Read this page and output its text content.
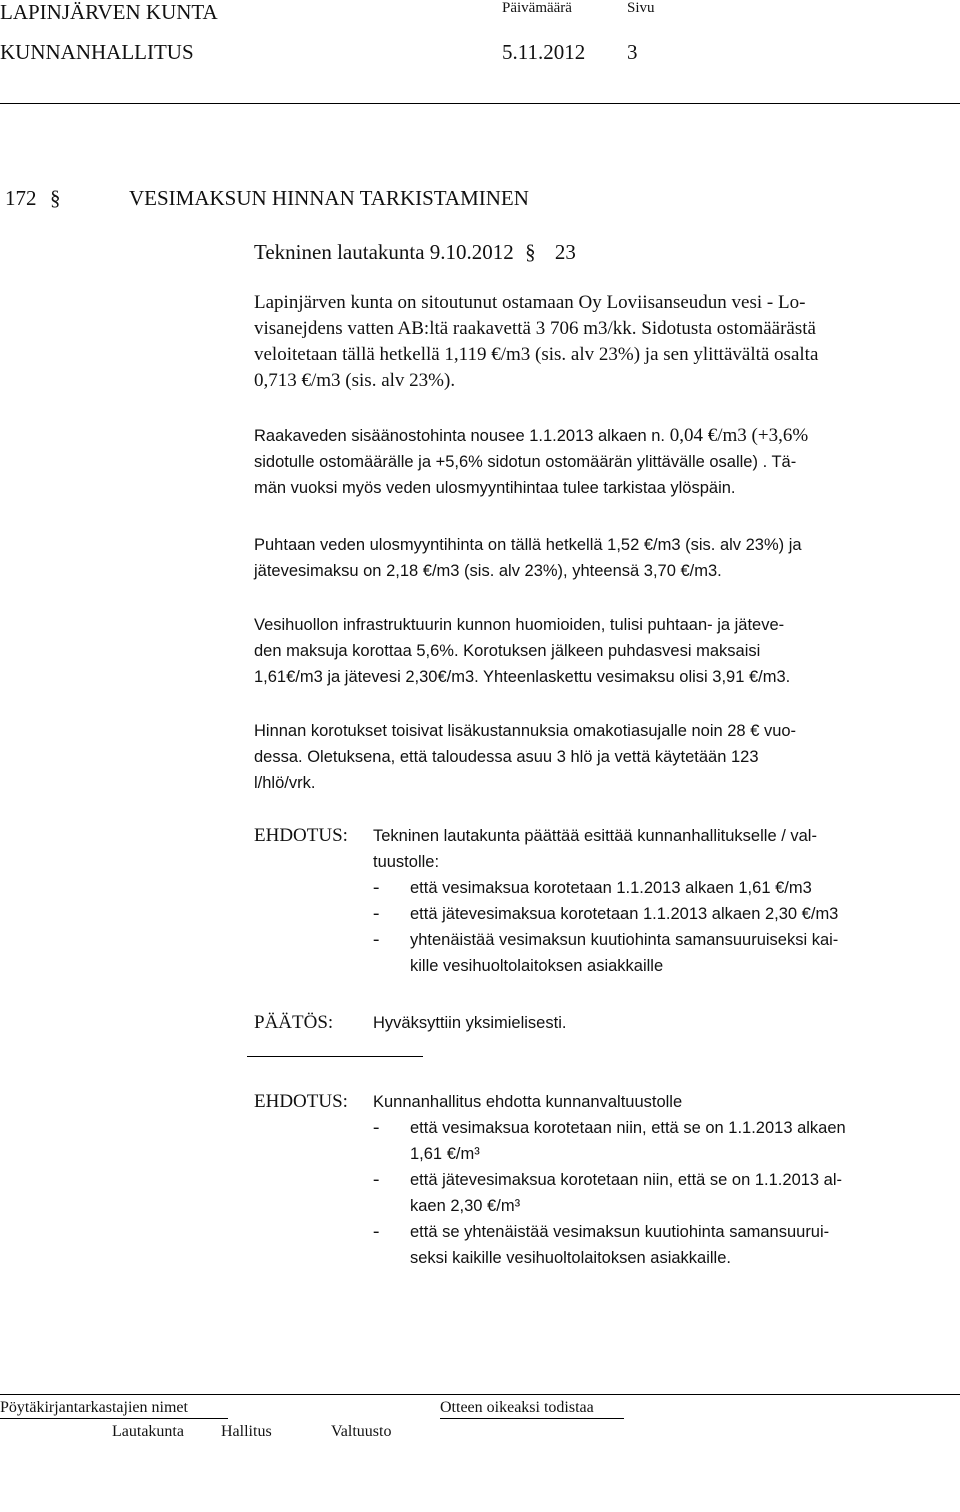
LAPINJÄRVEN KUNTA	Päivämäärä	Sivu
KUNNANHALLITUS	5.11.2012 3
172 §	VESIMAKSUN HINNAN TARKISTAMINEN
Tekninen lautakunta 9.10.2012 § 23
Lapinjärven kunta on sitoutunut ostamaan Oy Loviisanseudun vesi - Lo-
visanejdens vatten AB:ltä raakavettä 3 706 m3/kk. Sidotusta ostomäärästä
veloitetaan tällä hetkellä 1,119 €/m3 (sis. alv 23%) ja sen ylittävältä osalta
0,713 €/m3 (sis. alv 23%).
Raakaveden sisäänostohinta nousee 1.1.2013 alkaen n. 0,04 €/m3 (+3,6%
sidotulle ostomäärälle ja +5,6% sidotun ostomäärän ylittävälle osalle) . Tä-
män vuoksi myös veden ulosmyyntihintaa tulee tarkistaa ylöspäin.
Puhtaan veden ulosmyyntihinta on tällä hetkellä 1,52 €/m3 (sis. alv 23%) ja
jätevesimaksu on 2,18 €/m3 (sis. alv 23%), yhteensä 3,70 €/m3.
Vesihuollon infrastruktuurin kunnon huomioiden, tulisi puhtaan- ja jäteve-
den maksuja korottaa 5,6%. Korotuksen jälkeen puhdasvesi maksaisi
1,61€/m3 ja jätevesi 2,30€/m3. Yhteenlaskettu vesimaksu olisi 3,91 €/m3.
Hinnan korotukset toisivat lisäkustannuksia omakotiasujalle noin 28 € vuo-
dessa. Oletuksena, että taloudessa asuu 3 hlö ja vettä käytetään 123
l/hlö/vrk.
EHDOTUS: Tekninen lautakunta päättää esittää kunnanhallitukselle / val-
tuustolle:
- että vesimaksua korotetaan 1.1.2013 alkaen 1,61 €/m3
- että jätevesimaksua korotetaan 1.1.2013 alkaen 2,30 €/m3
- yhtenäistää vesimaksun kuutiohinta samansuuruiseksi kai-
kille vesihuoltolaitoksen asiakkaille
PÄÄTÖS: Hyväksyttiin yksimielisesti.
EHDOTUS: Kunnanhallitus ehdotta kunnanvaltuustolle
- että vesimaksua korotetaan niin, että se on 1.1.2013 alkaen
1,61 €/m³
- että jätevesimaksua korotetaan niin, että se on 1.1.2013 al-
kaen 2,30 €/m³
- että se yhtenäistää vesimaksun kuutiohinta samansuurui-
seksi kaikille vesihuoltolaitoksen asiakkaille.
Pöytäkirjantarkastajien nimet	Otteen oikeaksi todistaa
Lautakunta Hallitus	Valtuusto
